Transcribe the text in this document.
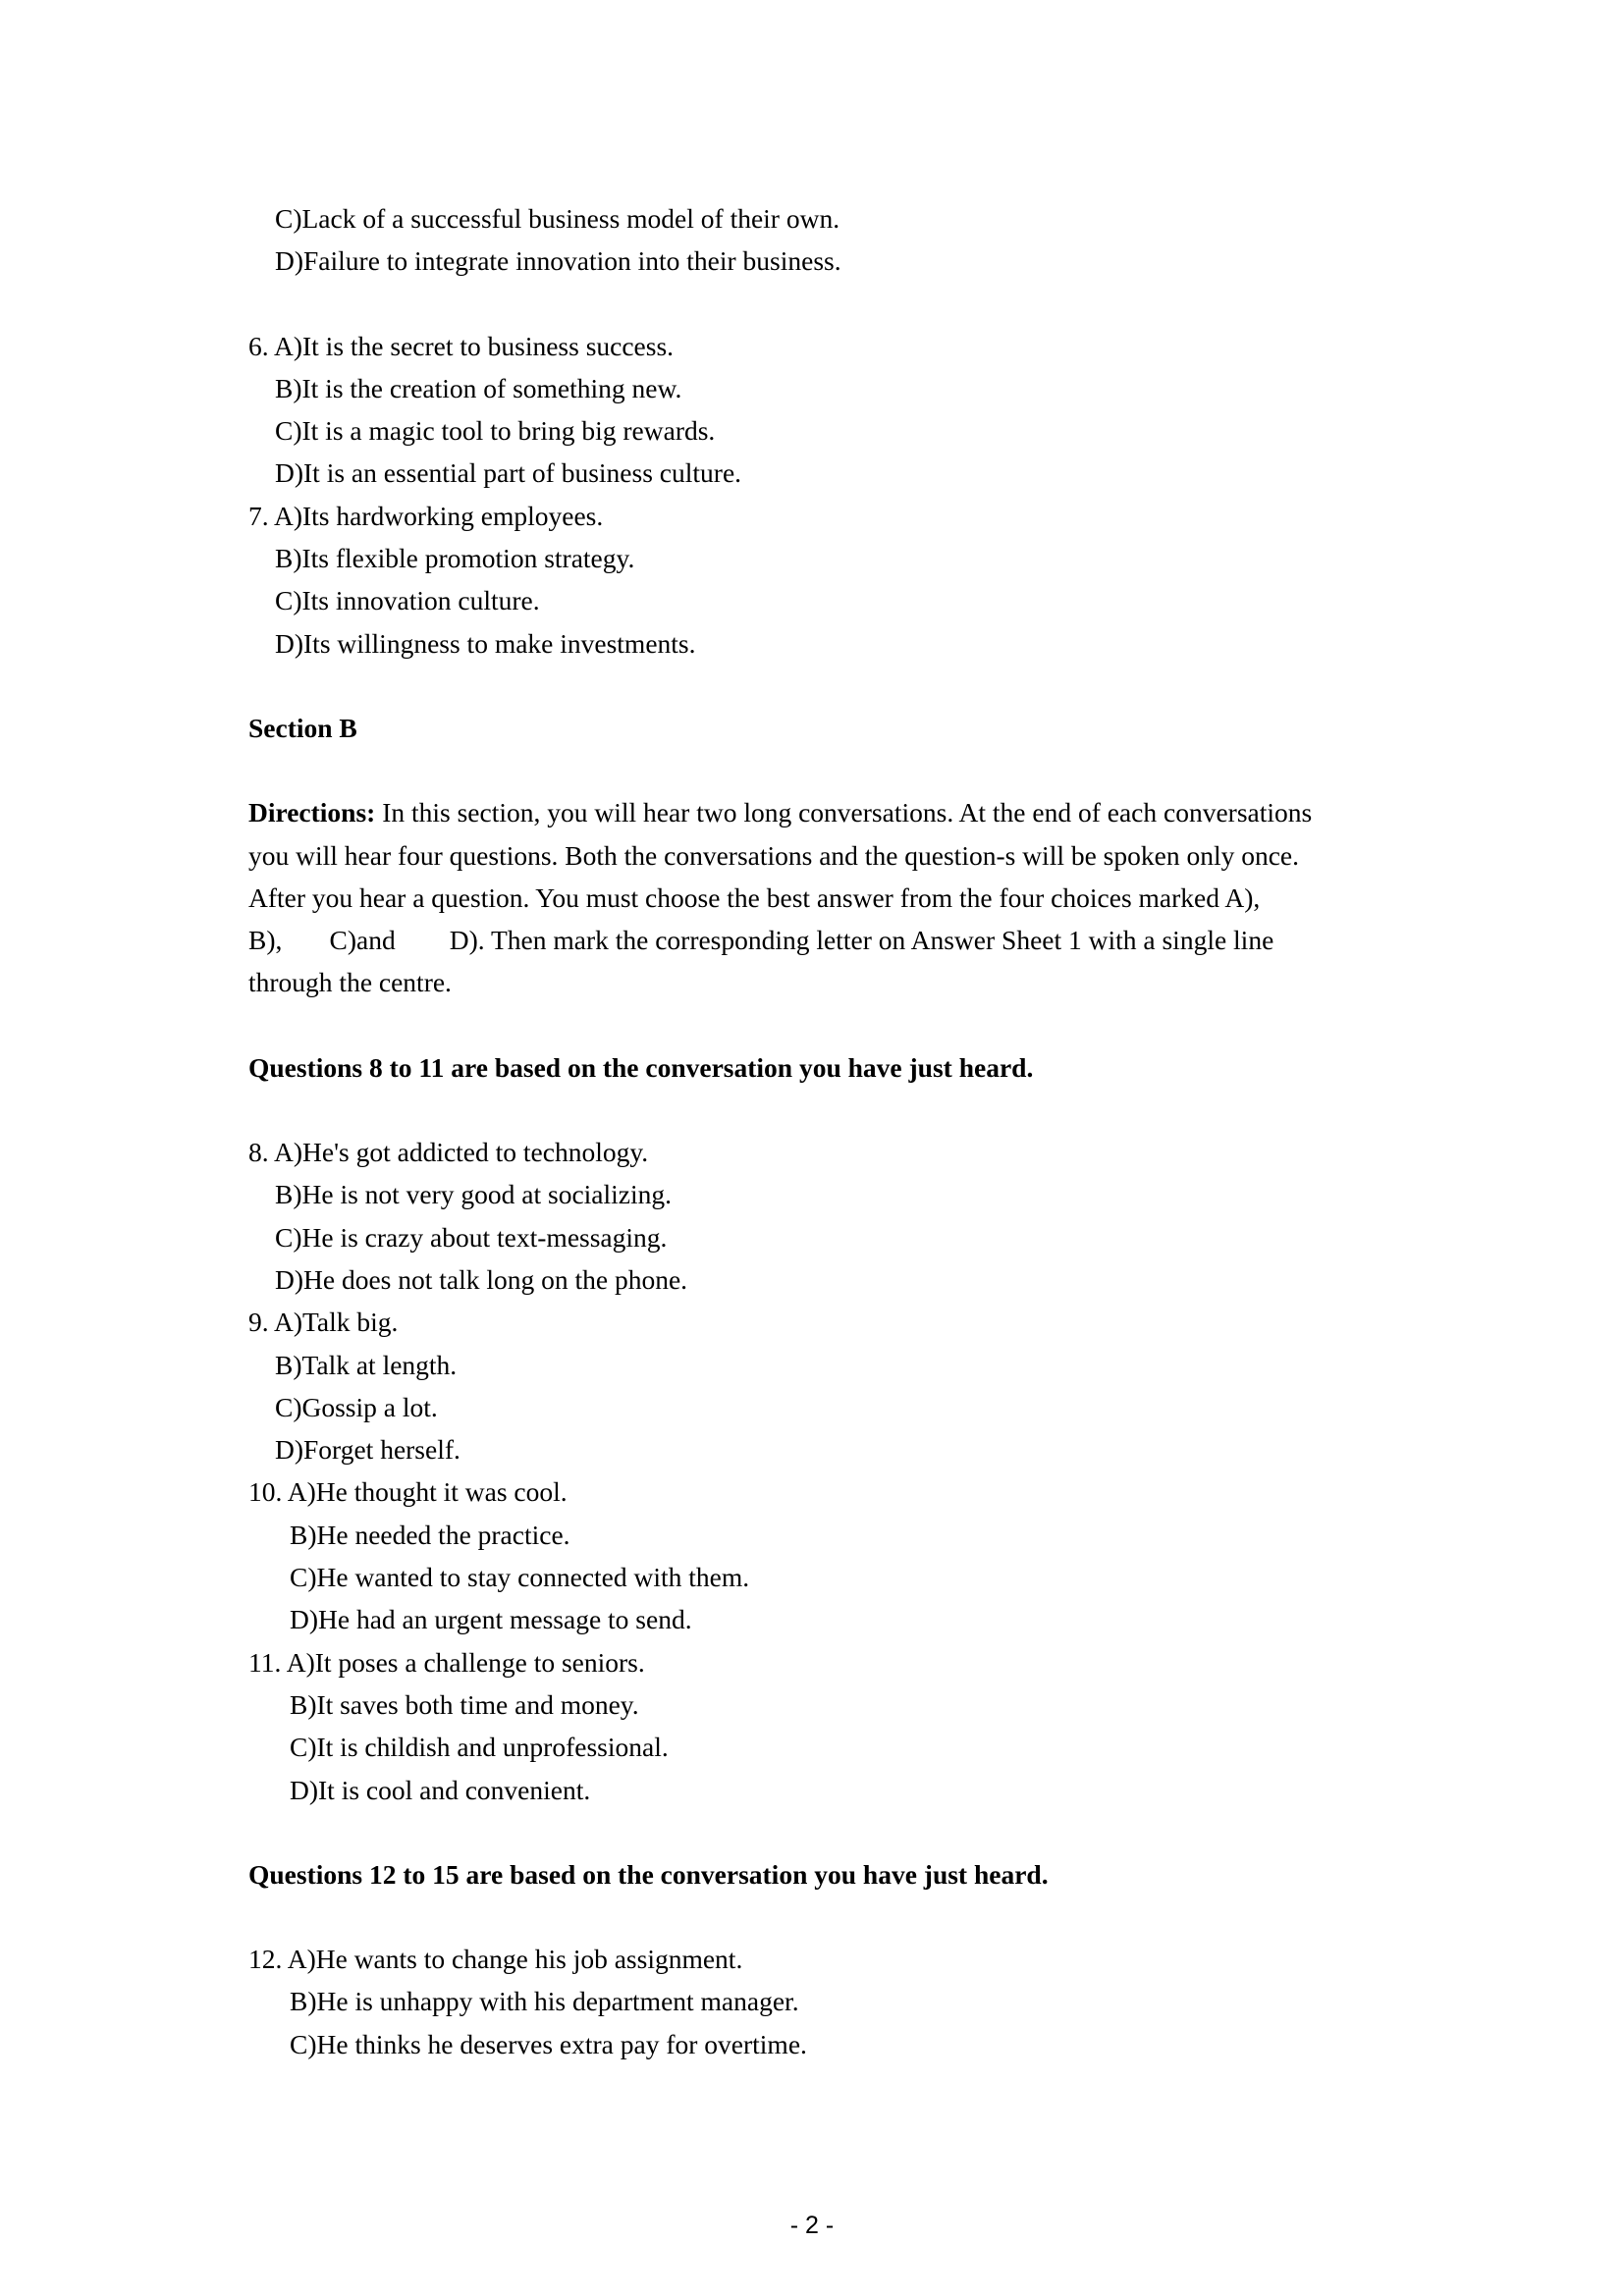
C)Lack of a successful business model of their own.
D)Failure to integrate innovation into their business.
6. A)It is the secret to business success.
B)It is the creation of something new.
C)It is a magic tool to bring big rewards.
D)It is an essential part of business culture.
7. A)Its hardworking employees.
B)Its flexible promotion strategy.
C)Its innovation culture.
D)Its willingness to make investments.
Section B
Directions: In this section, you will hear two long conversations. At the end of each conversations
you will hear four questions. Both the conversations and the question-s will be spoken only once.
After you hear a question. You must choose the best answer from the four choices marked A),
B),       C)and        D). Then mark the corresponding letter on Answer Sheet 1 with a single line
through the centre.
Questions 8 to 11 are based on the conversation you have just heard.
8. A)He's got addicted to technology.
B)He is not very good at socializing.
C)He is crazy about text-messaging.
D)He does not talk long on the phone.
9. A)Talk big.
B)Talk at length.
C)Gossip a lot.
D)Forget herself.
10. A)He thought it was cool.
B)He needed the practice.
C)He wanted to stay connected with them.
D)He had an urgent message to send.
11. A)It poses a challenge to seniors.
B)It saves both time and money.
C)It is childish and unprofessional.
D)It is cool and convenient.
Questions 12 to 15 are based on the conversation you have just heard.
12. A)He wants to change his job assignment.
B)He is unhappy with his department manager.
C)He thinks he deserves extra pay for overtime.
- 2 -
